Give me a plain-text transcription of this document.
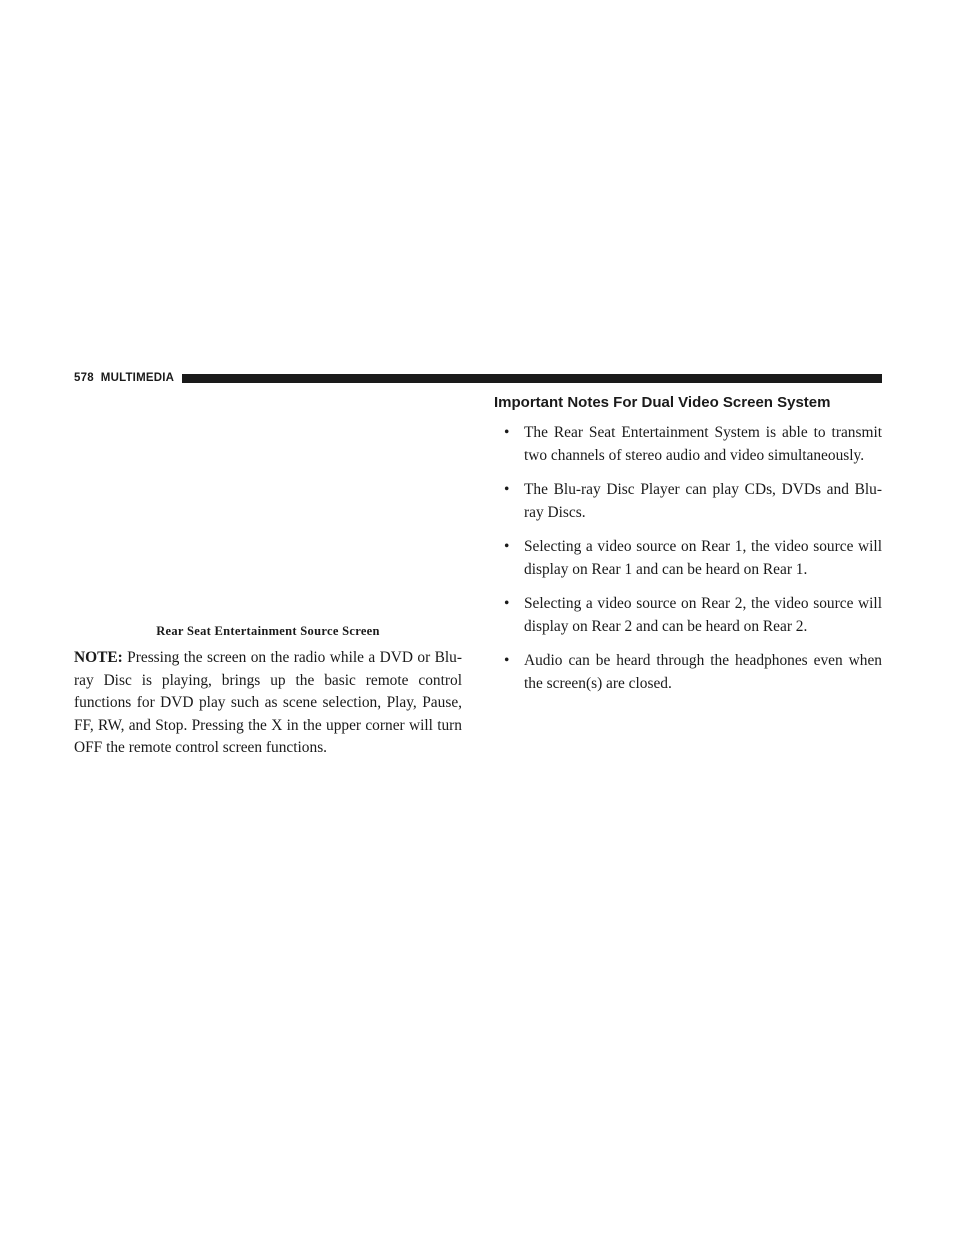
578 MULTIMEDIA
Rear Seat Entertainment Source Screen

NOTE: Pressing the screen on the radio while a DVD or Blu-ray Disc is playing, brings up the basic remote control functions for DVD play such as scene selection, Play, Pause, FF, RW, and Stop. Pressing the X in the upper corner will turn OFF the remote control screen functions.

Important Notes For Dual Video Screen System
• The Rear Seat Entertainment System is able to transmit two channels of stereo audio and video simultaneously.
• The Blu-ray Disc Player can play CDs, DVDs and Blu-ray Discs.
• Selecting a video source on Rear 1, the video source will display on Rear 1 and can be heard on Rear 1.
• Selecting a video source on Rear 2, the video source will display on Rear 2 and can be heard on Rear 2.
• Audio can be heard through the headphones even when the screen(s) are closed.
